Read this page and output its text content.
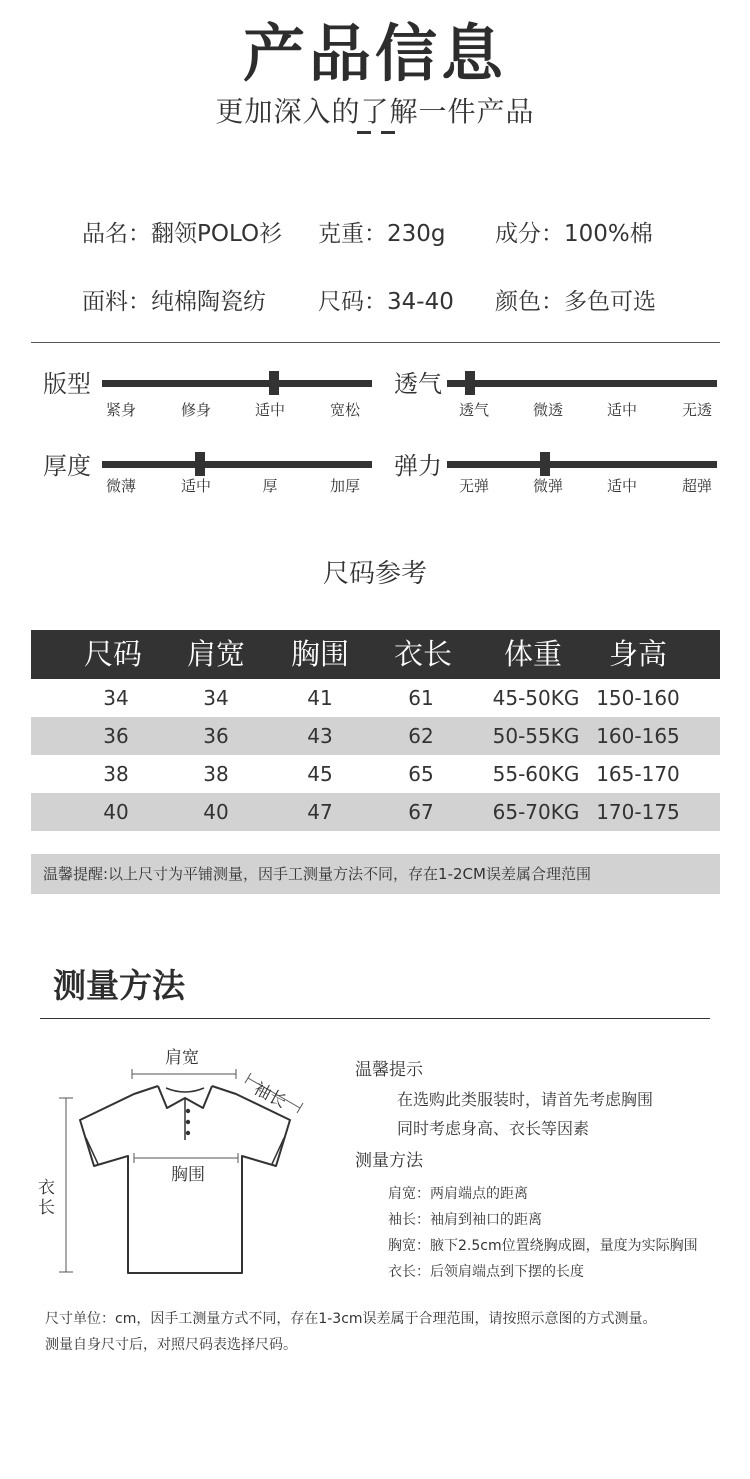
产品信息
更加深入的了解一件产品
品名：翻领POLO衫 克重：230g 成分：100%棉
面料：纯棉陶瓷纺 尺码：34-40 颜色：多色可选
版型
紧身	修身	适中	宽松
透气
透气	微透	适中	无透
厚度
微薄	适中	厚	加厚
弹力
无弹	微弹	适中	超弹
尺码参考
尺码	肩宽	胸围	衣长	体重	身高
34	34	41	61	45-50KG 150-160
36	36	43	62	50-55KG 160-165
38	38	45	65	55-60KG 165-170
40	40	47	67	65-70KG 170-175
温馨提醒:以上尺寸为平铺测量，因手工测量方法不同，存在1-2CM误差属合理范围
测量方法
肩宽
袖长
胸围
衣长
温馨提示
在选购此类服装时，请首先考虑胸围
同时考虑身高、衣长等因素
测量方法
肩宽：两肩端点的距离
袖长：袖肩到袖口的距离
胸宽：腋下2.5cm位置绕胸成圈，量度为实际胸围
衣长：后领肩端点到下摆的长度
尺寸单位：cm，因手工测量方式不同，存在1-3cm误差属于合理范围，请按照示意图的方式测量。
测量自身尺寸后，对照尺码表选择尺码。
